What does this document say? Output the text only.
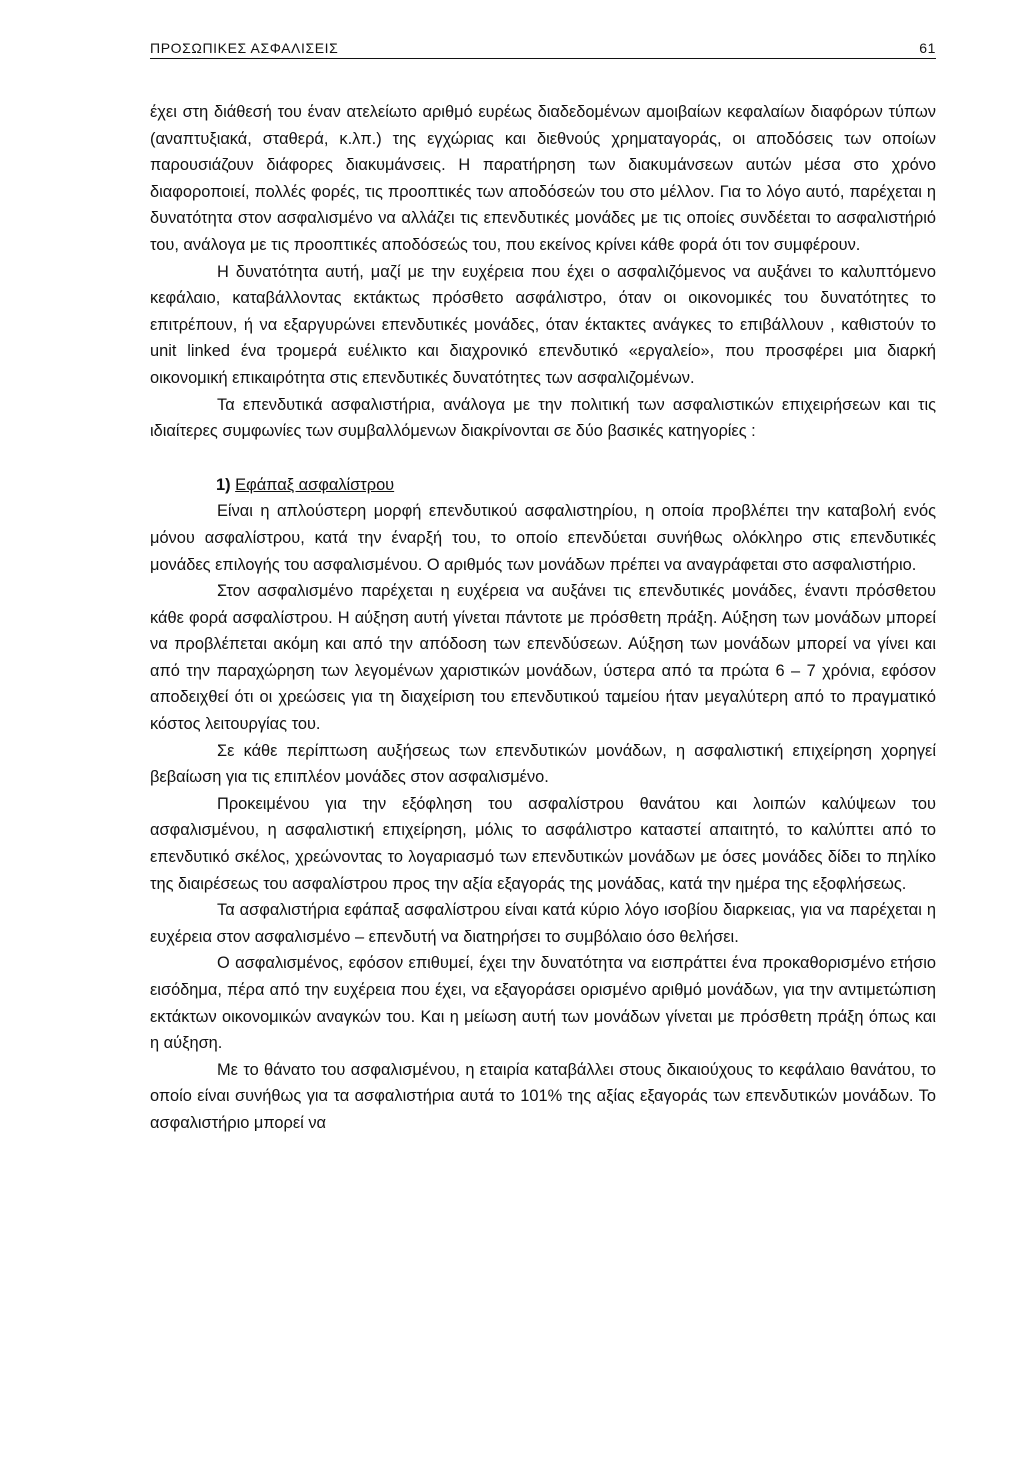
ΠΡΟΣΩΠΙΚΕΣ ΑΣΦΑΛΙΣΕΙΣ	61

έχει στη διάθεσή του έναν ατελείωτο αριθμό ευρέως διαδεδομένων αμοιβαίων κεφαλαίων διαφόρων τύπων (αναπτυξιακά, σταθερά, κ.λπ.) της εγχώριας και διεθνούς χρηματαγοράς, οι αποδόσεις των οποίων παρουσιάζουν διάφορες διακυμάνσεις. Η παρατήρηση των διακυμάνσεων αυτών μέσα στο χρόνο διαφοροποιεί, πολλές φορές, τις προοπτικές των αποδόσεών του στο μέλλον. Για το λόγο αυτό, παρέχεται η δυνατότητα στον ασφαλισμένο να αλλάζει τις επενδυτικές μονάδες με τις οποίες συνδέεται το ασφαλιστήριό του, ανάλογα με τις προοπτικές αποδόσεώς του, που εκείνος κρίνει κάθε φορά ότι τον συμφέρουν.

Η δυνατότητα αυτή, μαζί με την ευχέρεια που έχει ο ασφαλιζόμενος να αυξάνει το καλυπτόμενο κεφάλαιο, καταβάλλοντας εκτάκτως πρόσθετο ασφάλιστρο, όταν οι οικονομικές του δυνατότητες το επιτρέπουν, ή να εξαργυρώνει επενδυτικές μονάδες, όταν έκτακτες ανάγκες το επιβάλλουν , καθιστούν το unit linked ένα τρομερά ευέλικτο και διαχρονικό επενδυτικό «εργαλείο», που προσφέρει μια διαρκή οικονομική επικαιρότητα στις επενδυτικές δυνατότητες των ασφαλιζομένων.

Τα επενδυτικά ασφαλιστήρια, ανάλογα με την πολιτική των ασφαλιστικών επιχειρήσεων και τις ιδιαίτερες συμφωνίες των συμβαλλόμενων διακρίνονται σε δύο βασικές κατηγορίες :

1) Εφάπαξ ασφαλίστρου

Είναι η απλούστερη μορφή επενδυτικού ασφαλιστηρίου, η οποία προβλέπει την καταβολή ενός μόνου ασφαλίστρου, κατά την έναρξή του, το οποίο επενδύεται συνήθως ολόκληρο στις επενδυτικές μονάδες επιλογής του ασφαλισμένου. Ο αριθμός των μονάδων πρέπει να αναγράφεται στο ασφαλιστήριο.

Στον ασφαλισμένο παρέχεται η ευχέρεια να αυξάνει τις επενδυτικές μονάδες, έναντι πρόσθετου κάθε φορά ασφαλίστρου. Η αύξηση αυτή γίνεται πάντοτε με πρόσθετη πράξη. Αύξηση των μονάδων μπορεί να προβλέπεται ακόμη και από την απόδοση των επενδύσεων. Αύξηση των μονάδων μπορεί να γίνει και από την παραχώρηση των λεγομένων χαριστικών μονάδων, ύστερα από τα πρώτα 6 – 7 χρόνια, εφόσον αποδειχθεί ότι οι χρεώσεις για τη διαχείριση του επενδυτικού ταμείου ήταν μεγαλύτερη από το πραγματικό κόστος λειτουργίας του.

Σε κάθε περίπτωση αυξήσεως των επενδυτικών μονάδων, η ασφαλιστική επιχείρηση χορηγεί βεβαίωση για τις επιπλέον μονάδες στον ασφαλισμένο.

Προκειμένου για την εξόφληση του ασφαλίστρου θανάτου και λοιπών καλύψεων του ασφαλισμένου, η ασφαλιστική επιχείρηση, μόλις το ασφάλιστρο καταστεί απαιτητό, το καλύπτει από το επενδυτικό σκέλος, χρεώνοντας το λογαριασμό των επενδυτικών μονάδων με όσες μονάδες δίδει το πηλίκο της διαιρέσεως του ασφαλίστρου προς την αξία εξαγοράς της μονάδας, κατά την ημέρα της εξοφλήσεως.

Τα ασφαλιστήρια εφάπαξ ασφαλίστρου είναι κατά κύριο λόγο ισοβίου διαρκειας, για να παρέχεται η ευχέρεια στον ασφαλισμένο – επενδυτή να διατηρήσει το συμβόλαιο όσο θελήσει.

Ο ασφαλισμένος, εφόσον επιθυμεί, έχει την δυνατότητα να εισπράττει ένα προκαθορισμένο ετήσιο εισόδημα, πέρα από την ευχέρεια που έχει, να εξαγοράσει ορισμένο αριθμό μονάδων, για την αντιμετώπιση εκτάκτων οικονομικών αναγκών του. Και η μείωση αυτή των μονάδων γίνεται με πρόσθετη πράξη όπως και η αύξηση.

Με το θάνατο του ασφαλισμένου, η εταιρία καταβάλλει στους δικαιούχους το κεφάλαιο θανάτου, το οποίο είναι συνήθως για τα ασφαλιστήρια αυτά το 101% της αξίας εξαγοράς των επενδυτικών μονάδων. Το ασφαλιστήριο μπορεί να
